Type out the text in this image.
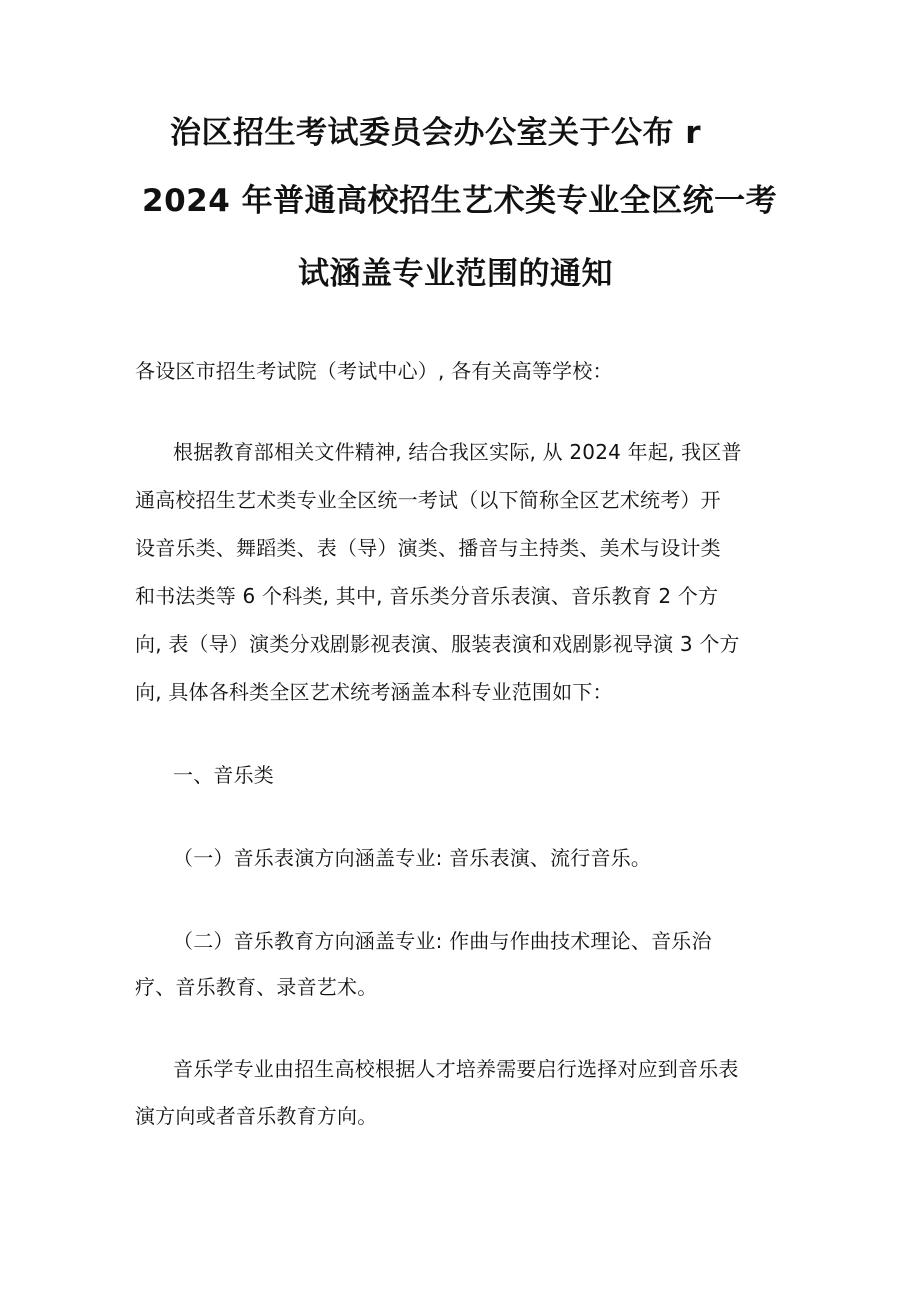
治区招生考试委员会办公室关于公布 r
2024 年普通高校招生艺术类专业全区统一考
试涵盖专业范围的通知
各设区市招生考试院（考试中心）, 各有关高等学校：
根据教育部相关文件精神, 结合我区实际, 从 2024 年起, 我区普
通高校招生艺术类专业全区统一考试（以下简称全区艺术统考）开
设音乐类、舞蹈类、表（导）演类、播音与主持类、美术与设计类
和书法类等 6 个科类, 其中, 音乐类分音乐表演、音乐教育 2 个方
向, 表（导）演类分戏剧影视表演、服装表演和戏剧影视导演 3 个方
向, 具体各科类全区艺术统考涵盖本科专业范围如下：
一、音乐类
（一）音乐表演方向涵盖专业: 音乐表演、流行音乐。
（二）音乐教育方向涵盖专业: 作曲与作曲技术理论、音乐治
疗、音乐教育、录音艺术。
音乐学专业由招生高校根据人才培养需要启行选择对应到音乐表
演方向或者音乐教育方向。
